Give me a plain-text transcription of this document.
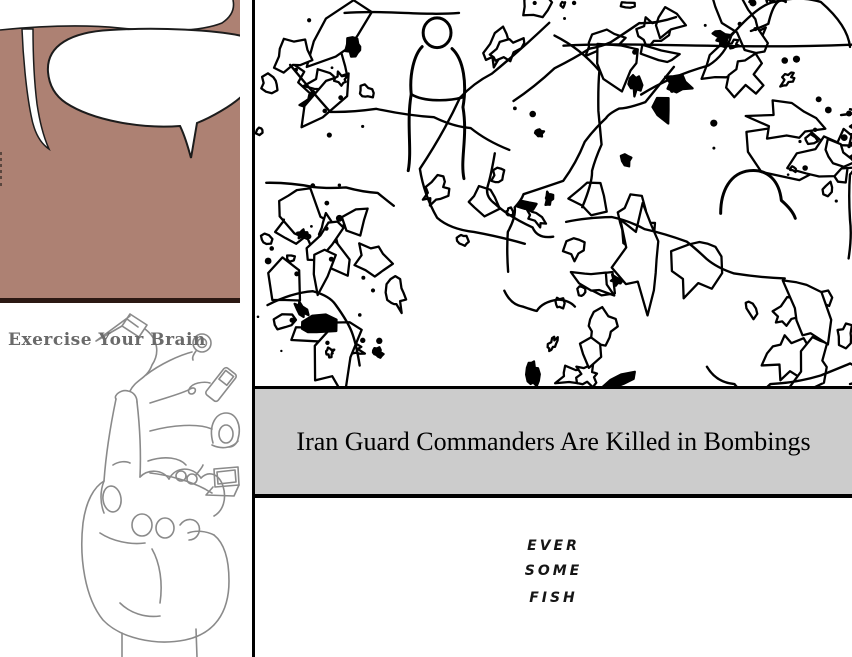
Exercise Your Brain
Iran Guard Commanders Are Killed in Bombings
EVER
SOME
FISH
